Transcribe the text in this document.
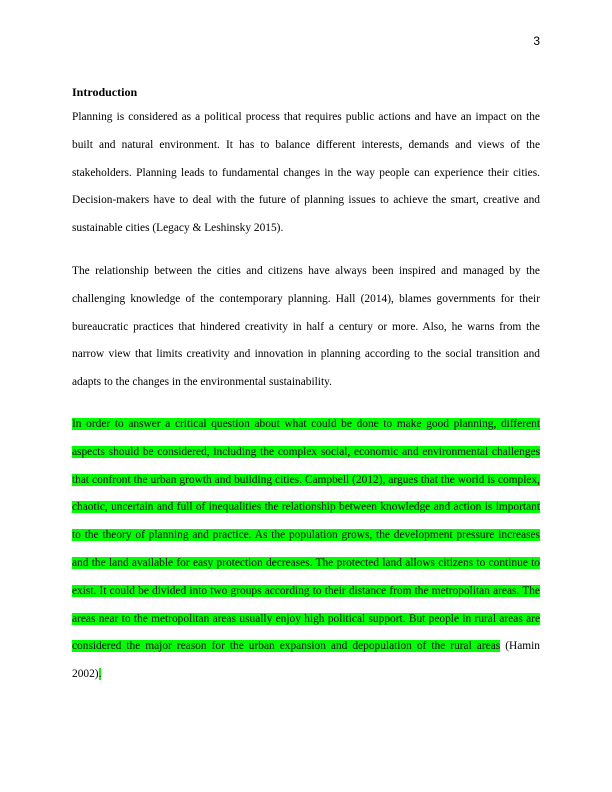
3
Introduction

Planning is considered as a political process that requires public actions and have an impact on the built and natural environment. It has to balance different interests, demands and views of the stakeholders. Planning leads to fundamental changes in the way people can experience their cities. Decision-makers have to deal with the future of planning issues to achieve the smart, creative and sustainable cities (Legacy & Leshinsky 2015).

The relationship between the cities and citizens have always been inspired and managed by the challenging knowledge of the contemporary planning. Hall (2014), blames governments for their bureaucratic practices that hindered creativity in half a century or more. Also, he warns from the narrow view that limits creativity and innovation in planning according to the social transition and adapts to the changes in the environmental sustainability.

In order to answer a critical question about what could be done to make good planning, different aspects should be considered, including the complex social, economic and environmental challenges that confront the urban growth and building cities. Campbell (2012), argues that the world is complex, chaotic, uncertain and full of inequalities the relationship between knowledge and action is important to the theory of planning and practice. As the population grows, the development pressure increases and the land available for easy protection decreases. The protected land allows citizens to continue to exist. It could be divided into two groups according to their distance from the metropolitan areas. The areas near to the metropolitan areas usually enjoy high political support. But people in rural areas are considered the major reason for the urban expansion and depopulation of the rural areas (Hamin 2002).
